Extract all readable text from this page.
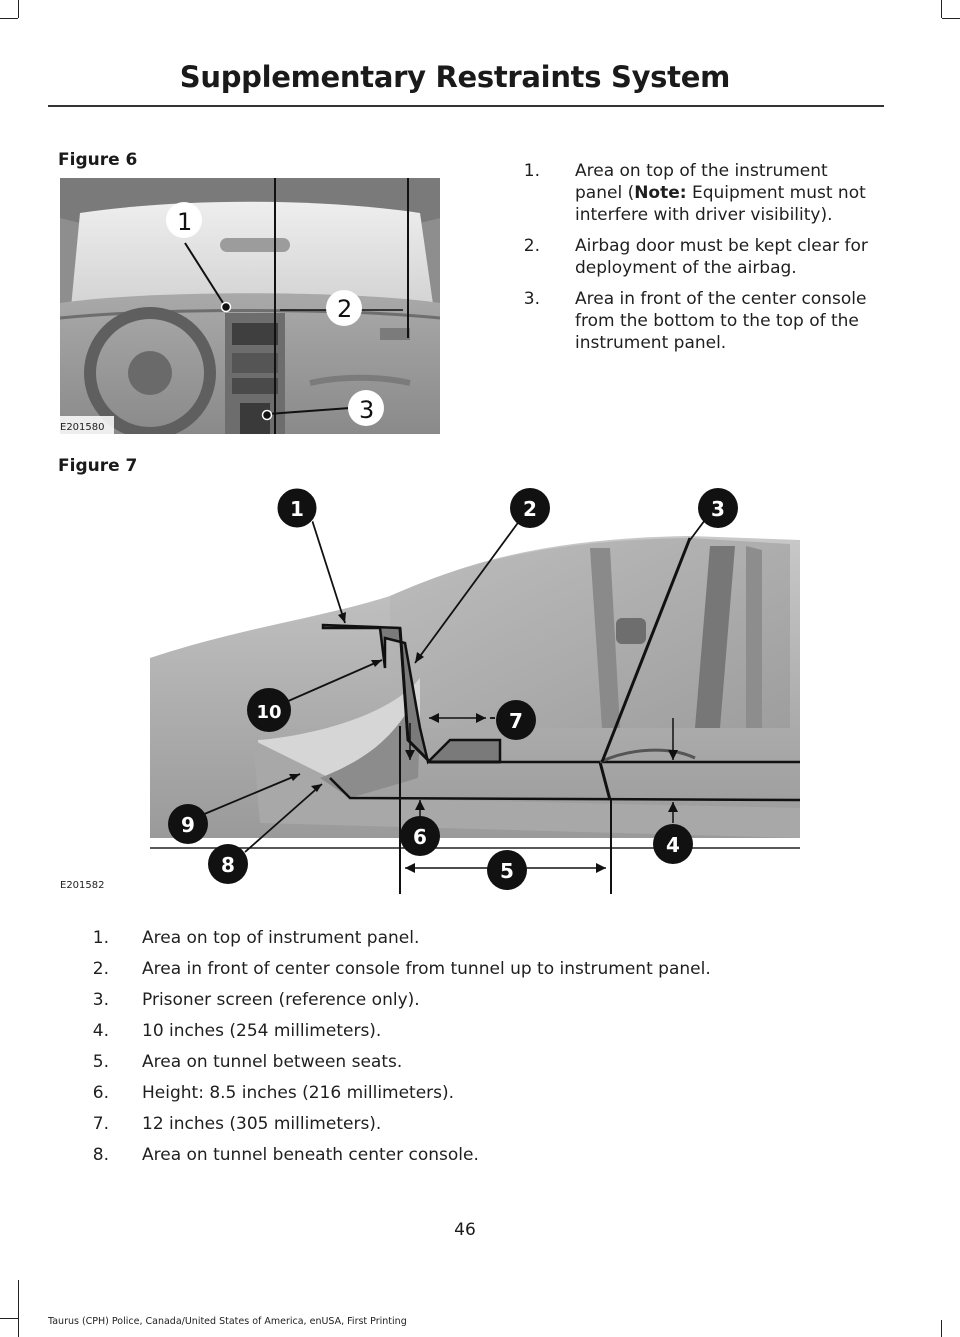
Supplementary Restraints System
Figure 6
1
2
3
E201580
1. Area on top of the instrument panel (Note: Equipment must not interfere with driver visibility).
2. Airbag door must be kept clear for deployment of the airbag.
3. Area in front of the center console from the bottom to the top of the instrument panel.
Figure 7
1	2	3
4
5
6
7
8
9
10
E201582
1. Area on top of instrument panel.
2. Area in front of center console from tunnel up to instrument panel.
3. Prisoner screen (reference only).
4. 10 inches (254 millimeters).
5. Area on tunnel between seats.
6. Height: 8.5 inches (216 millimeters).
7. 12 inches (305 millimeters).
8. Area on tunnel beneath center console.
46
Taurus (CPH) Police, Canada/United States of America, enUSA, First Printing
